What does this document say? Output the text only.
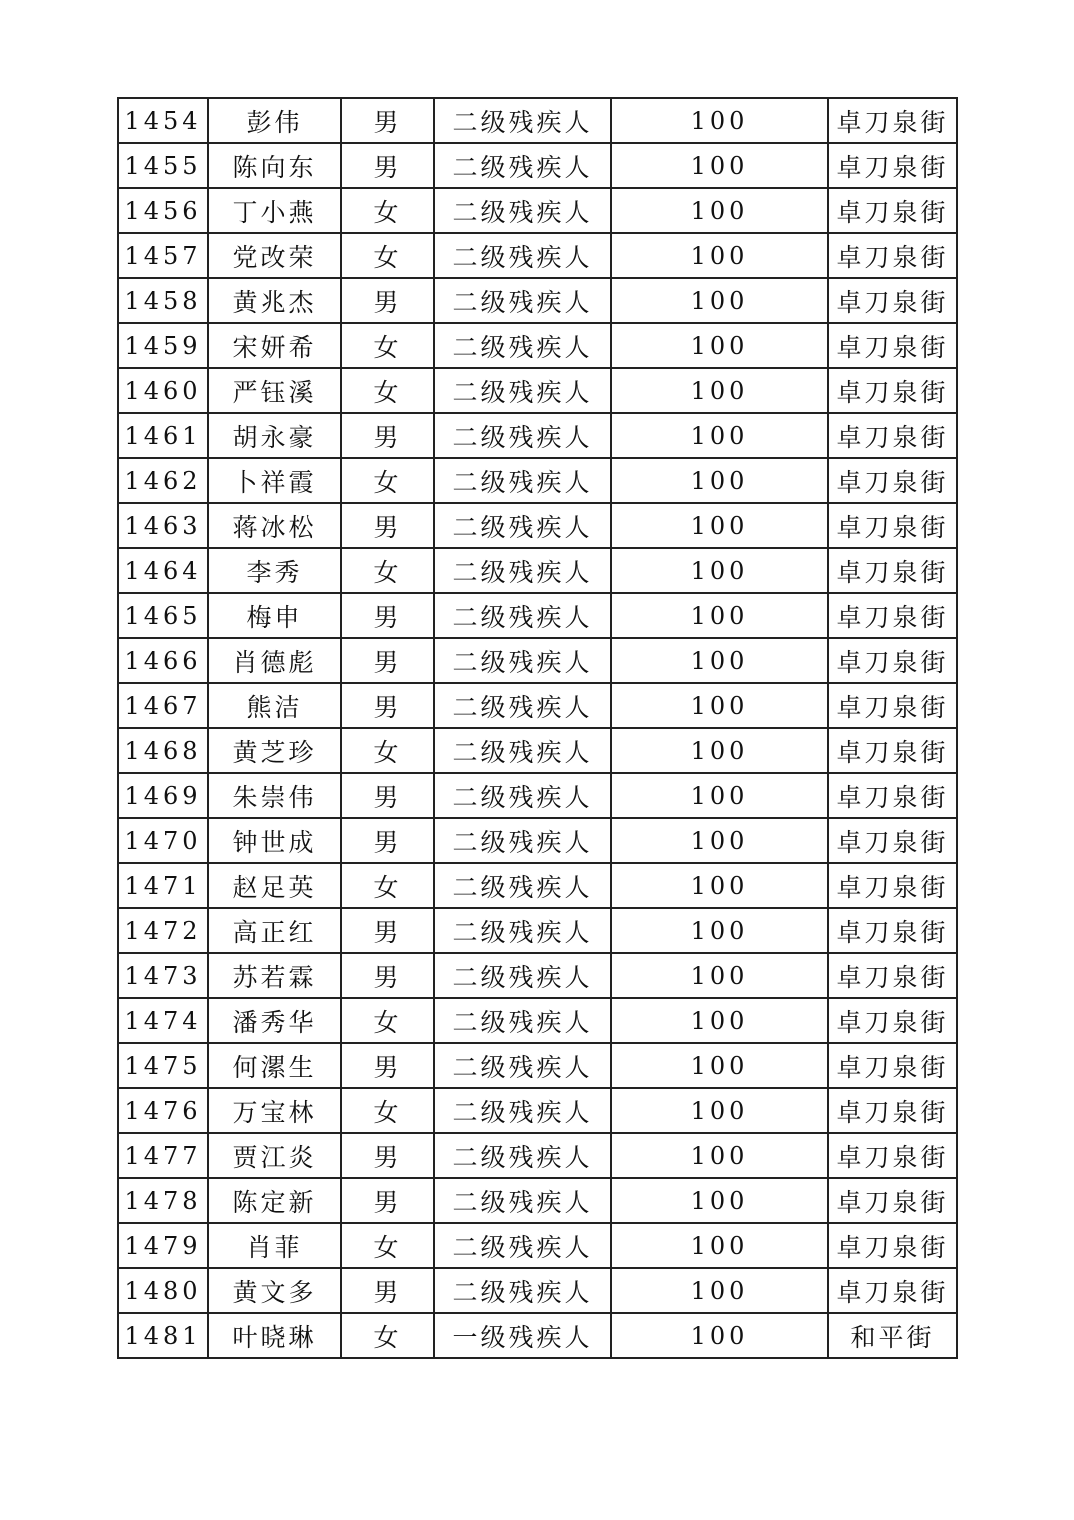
1454	彭伟	男	二级残疾人	100	卓刀泉街
1455	陈向东	男	二级残疾人	100	卓刀泉街
1456	丁小燕	女	二级残疾人	100	卓刀泉街
1457	党改荣	女	二级残疾人	100	卓刀泉街
1458	黄兆杰	男	二级残疾人	100	卓刀泉街
1459	宋妍希	女	二级残疾人	100	卓刀泉街
1460	严钰溪	女	二级残疾人	100	卓刀泉街
1461	胡永豪	男	二级残疾人	100	卓刀泉街
1462	卜祥霞	女	二级残疾人	100	卓刀泉街
1463	蒋冰松	男	二级残疾人	100	卓刀泉街
1464	李秀	女	二级残疾人	100	卓刀泉街
1465	梅申	男	二级残疾人	100	卓刀泉街
1466	肖德彪	男	二级残疾人	100	卓刀泉街
1467	熊洁	男	二级残疾人	100	卓刀泉街
1468	黄芝珍	女	二级残疾人	100	卓刀泉街
1469	朱崇伟	男	二级残疾人	100	卓刀泉街
1470	钟世成	男	二级残疾人	100	卓刀泉街
1471	赵足英	女	二级残疾人	100	卓刀泉街
1472	高正红	男	二级残疾人	100	卓刀泉街
1473	苏若霖	男	二级残疾人	100	卓刀泉街
1474	潘秀华	女	二级残疾人	100	卓刀泉街
1475	何漯生	男	二级残疾人	100	卓刀泉街
1476	万宝林	女	二级残疾人	100	卓刀泉街
1477	贾江炎	男	二级残疾人	100	卓刀泉街
1478	陈定新	男	二级残疾人	100	卓刀泉街
1479	肖菲	女	二级残疾人	100	卓刀泉街
1480	黄文多	男	二级残疾人	100	卓刀泉街
1481	叶晓琳	女	一级残疾人	100	和平街
